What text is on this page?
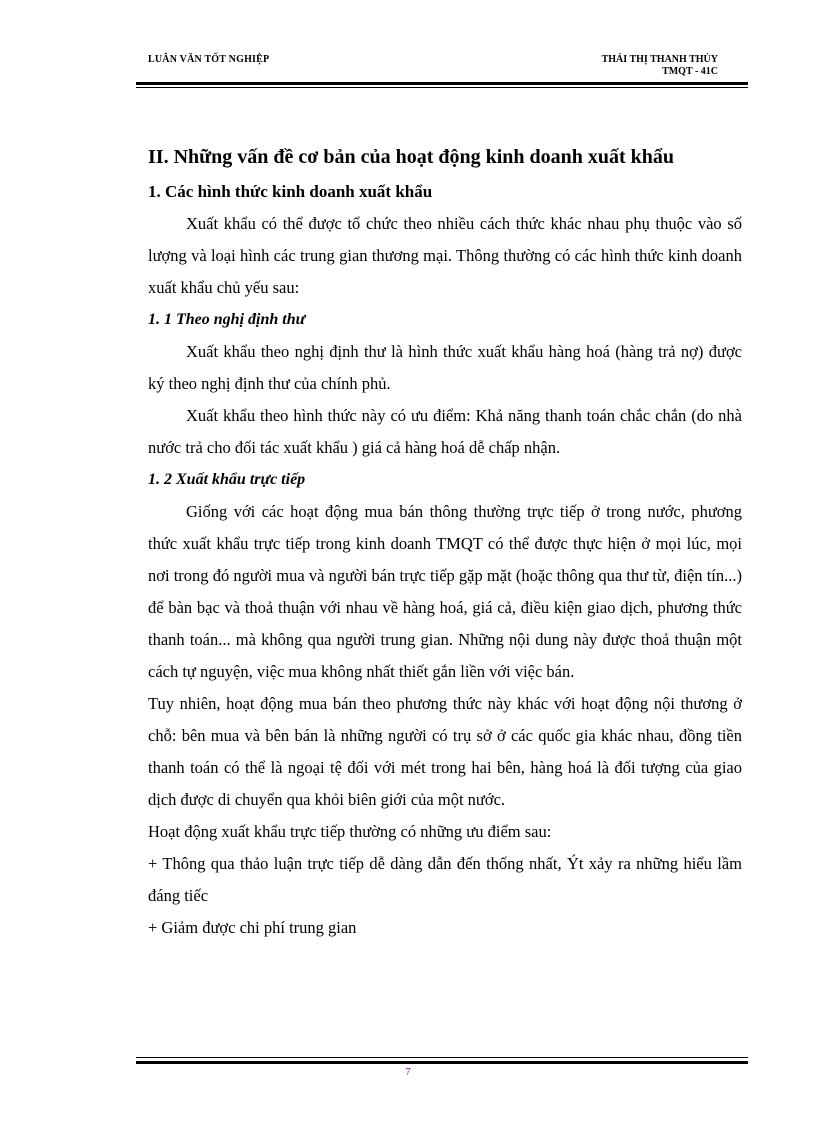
LUÂN VĂN TỐT NGHIỆP	THÁI THỊ THANH THỦY
TMQT - 41C
II. Những vấn đề cơ bản của hoạt động kinh doanh xuất khẩu
1. Các hình thức kinh doanh xuất khẩu

Xuất khẩu có thể được tổ chức theo nhiều cách thức khác nhau phụ thuộc vào số lượng và loại hình các trung gian thương mại. Thông thường có các hình thức kinh doanh xuất khẩu chủ yếu sau:

1. 1 Theo nghị định thư

Xuất khẩu theo nghị định thư là hình thức xuất khẩu hàng hoá (hàng trả nợ) được ký theo nghị định thư của chính phủ.

Xuất khẩu theo hình thức này có ưu điểm: Khả năng thanh toán chắc chắn (do nhà nước trả cho đối tác xuất khẩu ) giá cả hàng hoá dễ chấp nhận.

1. 2 Xuất khẩu trực tiếp

Giống với các hoạt động mua bán thông thường trực tiếp ở trong nước, phương thức xuất khẩu trực tiếp trong kinh doanh TMQT có thể được thực hiện ở mọi lúc, mọi nơi trong đó người mua và người bán trực tiếp gặp mặt (hoặc thông qua thư từ, điện tín...) để bàn bạc và thoả thuận với nhau về hàng hoá, giá cả, điều kiện giao dịch, phương thức thanh toán... mà không qua người trung gian. Những nội dung này được thoả thuận một cách tự nguyện, việc mua không nhất thiết gắn liền với việc bán.

Tuy nhiên, hoạt động mua bán theo phương thức này khác với hoạt động nội thương ở chỗ: bên mua và bên bán là những người có trụ sở ở các quốc gia khác nhau, đồng tiền thanh toán có thể là ngoại tệ đối với mét trong hai bên, hàng hoá là đối tượng của giao dịch được di chuyển qua khỏi biên giới của một nước.

Hoạt động xuất khẩu trực tiếp thường có những ưu điểm sau:

+ Thông qua thảo luận trực tiếp dễ dàng dẫn đến thống nhất, Ýt xảy ra những hiểu lầm đáng tiếc

+ Giảm được chi phí trung gian

7
